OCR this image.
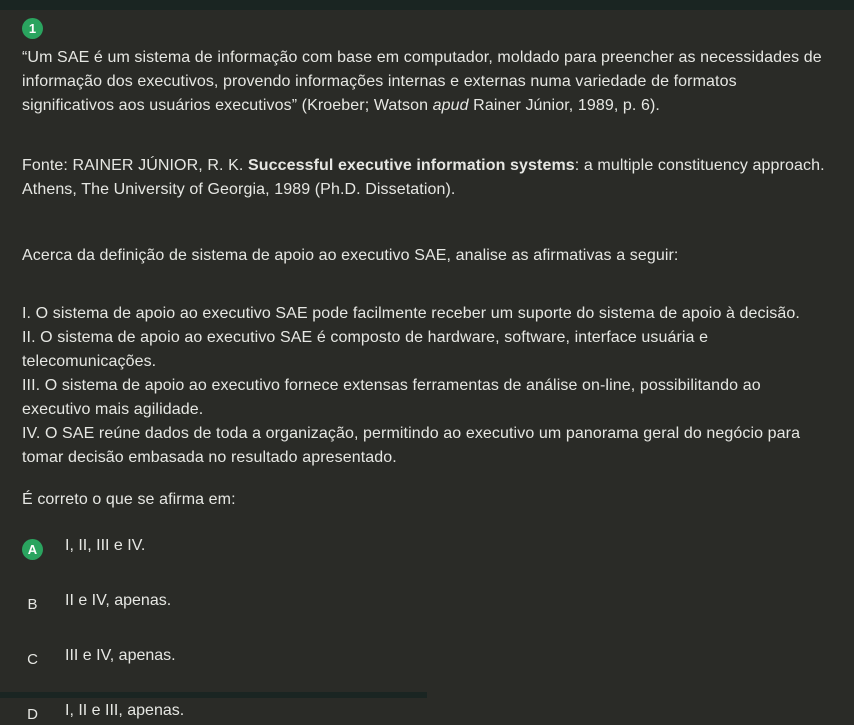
1

“Um SAE é um sistema de informação com base em computador, moldado para preencher as necessidades de informação dos executivos, provendo informações internas e externas numa variedade de formatos significativos aos usuários executivos” (Kroeber; Watson apud Rainer Júnior, 1989, p. 6).

Fonte: RAINER JÚNIOR, R. K. Successful executive information systems: a multiple constituency approach. Athens, The University of Georgia, 1989 (Ph.D. Dissetation).

Acerca da definição de sistema de apoio ao executivo SAE, analise as afirmativas a seguir:

I. O sistema de apoio ao executivo SAE pode facilmente receber um suporte do sistema de apoio à decisão.
II. O sistema de apoio ao executivo SAE é composto de hardware, software, interface usuária e telecomunicações.
III. O sistema de apoio ao executivo fornece extensas ferramentas de análise on-line, possibilitando ao executivo mais agilidade.
IV. O SAE reúne dados de toda a organização, permitindo ao executivo um panorama geral do negócio para tomar decisão embasada no resultado apresentado.

É correto o que se afirma em:

A	I, II, III e IV.
B	II e IV, apenas.
C	III e IV, apenas.
D	I, II e III, apenas.
